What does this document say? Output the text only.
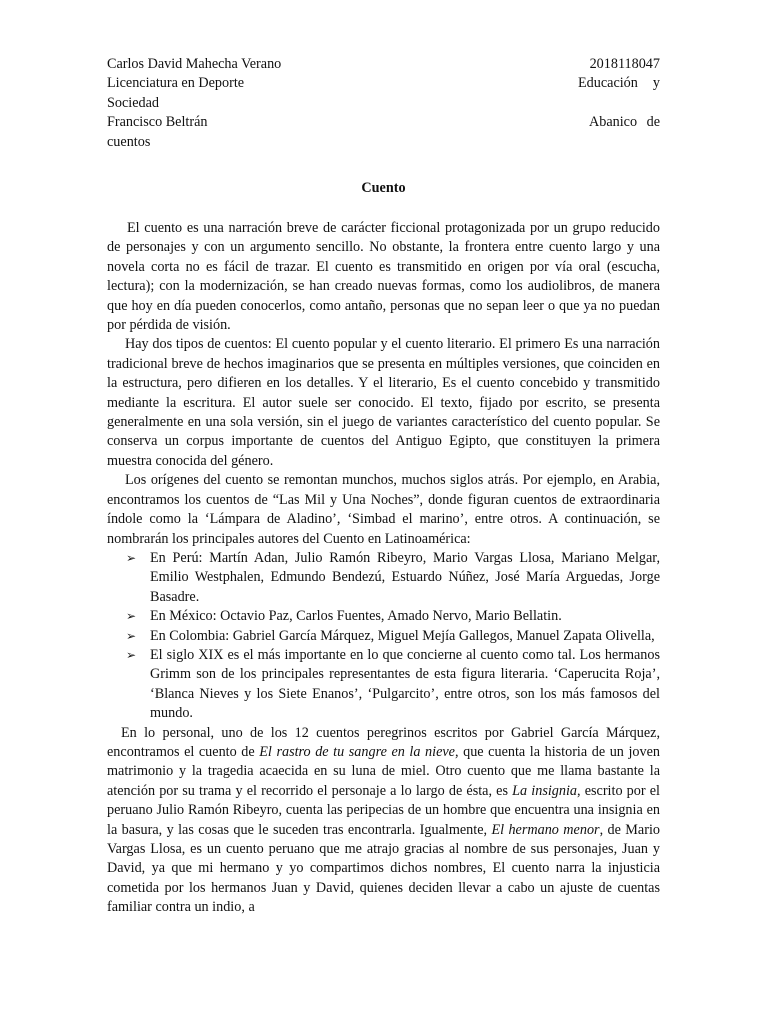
Carlos David Mahecha Verano	2018118047
Licenciatura en Deporte	Educación y
Sociedad
Francisco Beltrán	Abanico de
cuentos
Cuento

El cuento es una narración breve de carácter ficcional protagonizada por un grupo reducido de personajes y con un argumento sencillo. No obstante, la frontera entre cuento largo y una novela corta no es fácil de trazar. El cuento es transmitido en origen por vía oral (escucha, lectura); con la modernización, se han creado nuevas formas, como los audiolibros, de manera que hoy en día pueden conocerlos, como antaño, personas que no sepan leer o que ya no puedan por pérdida de visión.

Hay dos tipos de cuentos: El cuento popular y el cuento literario. El primero Es una narración tradicional breve de hechos imaginarios que se presenta en múltiples versiones, que coinciden en la estructura, pero difieren en los detalles. Y el literario, Es el cuento concebido y transmitido mediante la escritura. El autor suele ser conocido. El texto, fijado por escrito, se presenta generalmente en una sola versión, sin el juego de variantes característico del cuento popular. Se conserva un corpus importante de cuentos del Antiguo Egipto, que constituyen la primera muestra conocida del género.

Los orígenes del cuento se remontan munchos, muchos siglos atrás. Por ejemplo, en Arabia, encontramos los cuentos de “Las Mil y Una Noches”, donde figuran cuentos de extraordinaria índole como la ‘Lámpara de Aladino’, ‘Simbad el marino’, entre otros. A continuación, se nombrarán los principales autores del Cuento en Latinoamérica:

➢ En Perú: Martín Adan, Julio Ramón Ribeyro, Mario Vargas Llosa, Mariano Melgar, Emilio Westphalen, Edmundo Bendezú, Estuardo Núñez, José María Arguedas, Jorge Basadre.
➢ En México: Octavio Paz, Carlos Fuentes, Amado Nervo, Mario Bellatin.
➢ En Colombia: Gabriel García Márquez, Miguel Mejía Gallegos, Manuel Zapata Olivella,
➢ El siglo XIX es el más importante en lo que concierne al cuento como tal. Los hermanos Grimm son de los principales representantes de esta figura literaria. ‘Caperucita Roja’, ‘Blanca Nieves y los Siete Enanos’, ‘Pulgarcito’, entre otros, son los más famosos del mundo.

En lo personal, uno de los 12 cuentos peregrinos escritos por Gabriel García Márquez, encontramos el cuento de El rastro de tu sangre en la nieve, que cuenta la historia de un joven matrimonio y la tragedia acaecida en su luna de miel. Otro cuento que me llama bastante la atención por su trama y el recorrido el personaje a lo largo de ésta, es La insignia, escrito por el peruano Julio Ramón Ribeyro, cuenta las peripecias de un hombre que encuentra una insignia en la basura, y las cosas que le suceden tras encontrarla. Igualmente, El hermano menor, de Mario Vargas Llosa, es un cuento peruano que me atrajo gracias al nombre de sus personajes, Juan y David, ya que mi hermano y yo compartimos dichos nombres, El cuento narra la injusticia cometida por los hermanos Juan y David, quienes deciden llevar a cabo un ajuste de cuentas familiar contra un indio, a
